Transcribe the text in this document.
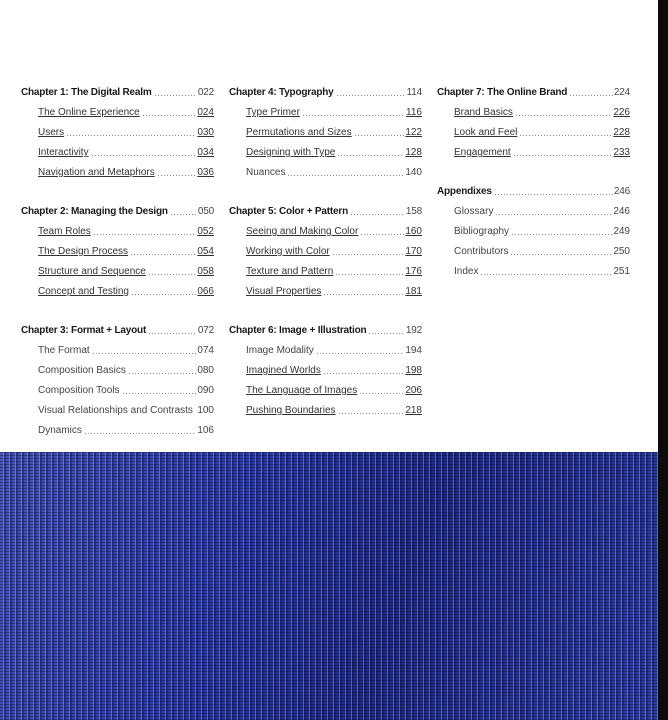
Chapter 1: The Digital Realm	022
The Online Experience	024
Users	030
Interactivity	034
Navigation and Metaphors	036
Chapter 2: Managing the Design	050
Team Roles	052
The Design Process	054
Structure and Sequence	058
Concept and Testing	066
Chapter 3: Format + Layout	072
The Format	074
Composition Basics	080
Composition Tools	090
Visual Relationships and Contrasts 100
Dynamics	106
Chapter 4: Typography	114
Type Primer	116
Permutations and Sizes	122
Designing with Type	128
Nuances	140
Chapter 5: Color + Pattern	158
Seeing and Making Color	160
Working with Color	170
Texture and Pattern	176
Visual Properties	181
Chapter 6: Image + Illustration	192
Image Modality	194
Imagined Worlds	198
The Language of Images	206
Pushing Boundaries	218
Chapter 7: The Online Brand	224
Brand Basics	226
Look and Feel	228
Engagement	233
Appendixes	246
Glossary	246
Bibliography	249
Contributors	250
Index	251
